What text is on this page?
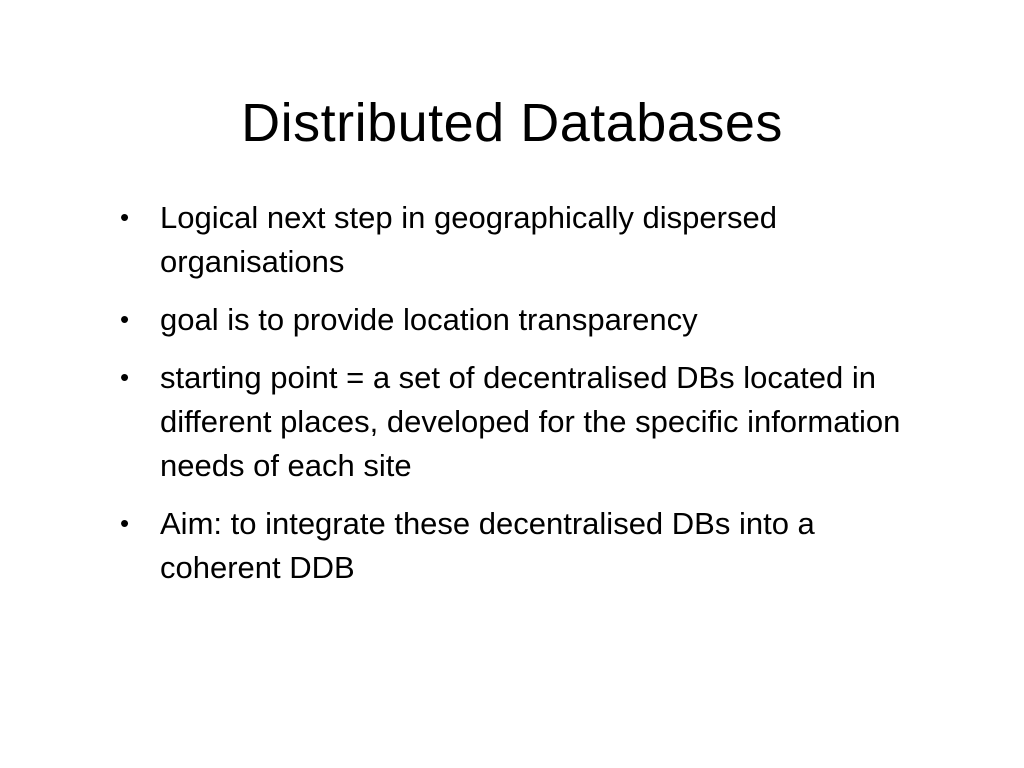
Distributed Databases
• Logical next step in geographically dispersed organisations
• goal is to provide location transparency
• starting point = a set of decentralised DBs located in different places, developed for the specific information needs of each site
• Aim: to integrate these decentralised DBs into a coherent DDB
